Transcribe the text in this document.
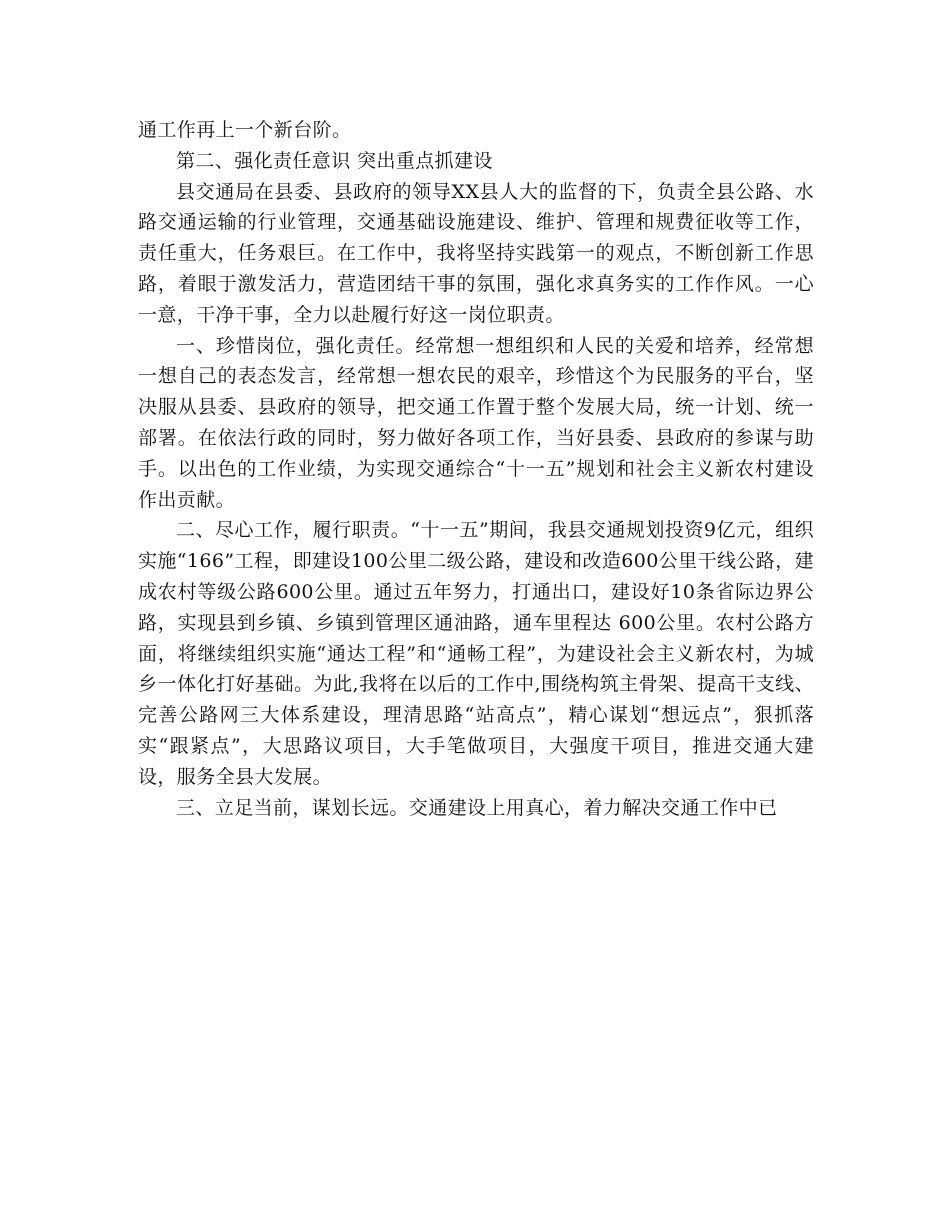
通工作再上一个新台阶。

第二、强化责任意识 突出重点抓建设

县交通局在县委、县政府的领导XX县人大的监督的下，负责全县公路、水路交通运输的行业管理，交通基础设施建设、维护、管理和规费征收等工作，责任重大，任务艰巨。在工作中，我将坚持实践第一的观点，不断创新工作思路，着眼于激发活力，营造团结干事的氛围，强化求真务实的工作作风。一心一意，干净干事，全力以赴履行好这一岗位职责。

一、珍惜岗位，强化责任。经常想一想组织和人民的关爱和培养，经常想一想自己的表态发言，经常想一想农民的艰辛，珍惜这个为民服务的平台，坚决服从县委、县政府的领导，把交通工作置于整个发展大局，统一计划、统一部署。在依法行政的同时，努力做好各项工作，当好县委、县政府的参谋与助手。以出色的工作业绩，为实现交通综合“十一五”规划和社会主义新农村建设作出贡献。

二、尽心工作，履行职责。“十一五”期间，我县交通规划投资9亿元，组织实施“166”工程，即建设100公里二级公路，建设和改造600公里干线公路，建成农村等级公路600公里。通过五年努力，打通出口，建设好10条省际边界公路，实现县到乡镇、乡镇到管理区通油路，通车里程达 600公里。农村公路方面，将继续组织实施“通达工程”和“通畅工程”，为建设社会主义新农村，为城乡一体化打好基础。为此,我将在以后的工作中,围绕构筑主骨架、提高干支线、完善公路网三大体系建设，理清思路“站高点”，精心谋划“想远点”，狠抓落实“跟紧点”，大思路议项目，大手笔做项目，大强度干项目，推进交通大建设，服务全县大发展。

三、立足当前，谋划长远。交通建设上用真心，着力解决交通工作中已
